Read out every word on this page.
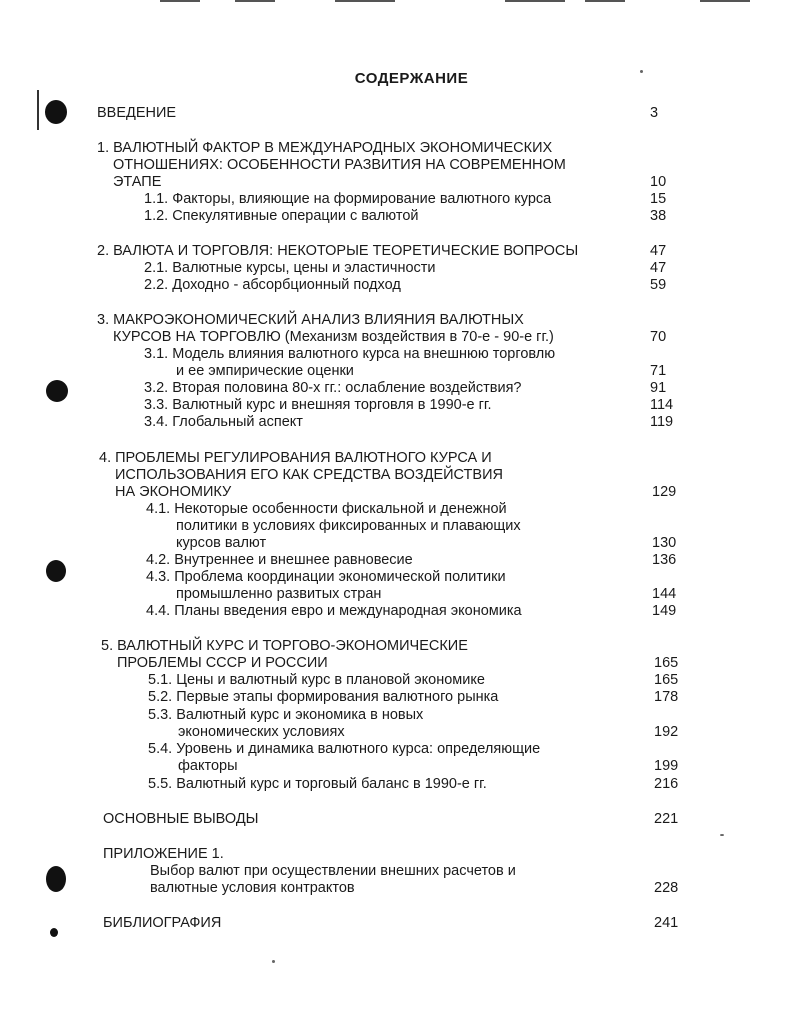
СОДЕРЖАНИЕ
ВВЕДЕНИЕ	3
1. ВАЛЮТНЫЙ ФАКТОР В МЕЖДУНАРОДНЫХ ЭКОНОМИЧЕСКИХ
ОТНОШЕНИЯХ: ОСОБЕННОСТИ РАЗВИТИЯ НА СОВРЕМЕННОМ
ЭТАПЕ	10
1.1. Факторы, влияющие на формирование валютного курса	15
1.2. Спекулятивные операции с валютой	38
2. ВАЛЮТА И ТОРГОВЛЯ: НЕКОТОРЫЕ ТЕОРЕТИЧЕСКИЕ ВОПРОСЫ	47
2.1. Валютные курсы, цены и эластичности	47
2.2. Доходно - абсорбционный подход	59
3. МАКРОЭКОНОМИЧЕСКИЙ АНАЛИЗ ВЛИЯНИЯ ВАЛЮТНЫХ
КУРСОВ НА ТОРГОВЛЮ (Механизм воздействия в 70-е - 90-е гг.)	70
3.1. Модель влияния валютного курса на внешнюю торговлю
и ее эмпирические оценки	71
3.2. Вторая половина 80-х гг.: ослабление воздействия?	91
3.3. Валютный курс и внешняя торговля в 1990-е гг.	114
3.4. Глобальный аспект	119
4. ПРОБЛЕМЫ РЕГУЛИРОВАНИЯ ВАЛЮТНОГО КУРСА И
ИСПОЛЬЗОВАНИЯ ЕГО КАК СРЕДСТВА ВОЗДЕЙСТВИЯ
НА ЭКОНОМИКУ	129
4.1. Некоторые особенности фискальной и денежной
политики в условиях фиксированных и плавающих
курсов валют	130
4.2. Внутреннее и внешнее равновесие	136
4.3. Проблема координации экономической политики
промышленно развитых стран	144
4.4. Планы введения евро и международная экономика	149
5. ВАЛЮТНЫЙ КУРС И ТОРГОВО-ЭКОНОМИЧЕСКИЕ
ПРОБЛЕМЫ СССР И РОССИИ	165
5.1. Цены и валютный курс в плановой экономике	165
5.2. Первые этапы формирования валютного рынка	178
5.3. Валютный курс и экономика в новых
экономических условиях	192
5.4. Уровень и динамика валютного курса: определяющие
факторы	199
5.5. Валютный курс и торговый баланс в 1990-е гг.	216
ОСНОВНЫЕ ВЫВОДЫ	221
ПРИЛОЖЕНИЕ 1.
Выбор валют при осуществлении внешних расчетов и
валютные условия контрактов	228
БИБЛИОГРАФИЯ	241
